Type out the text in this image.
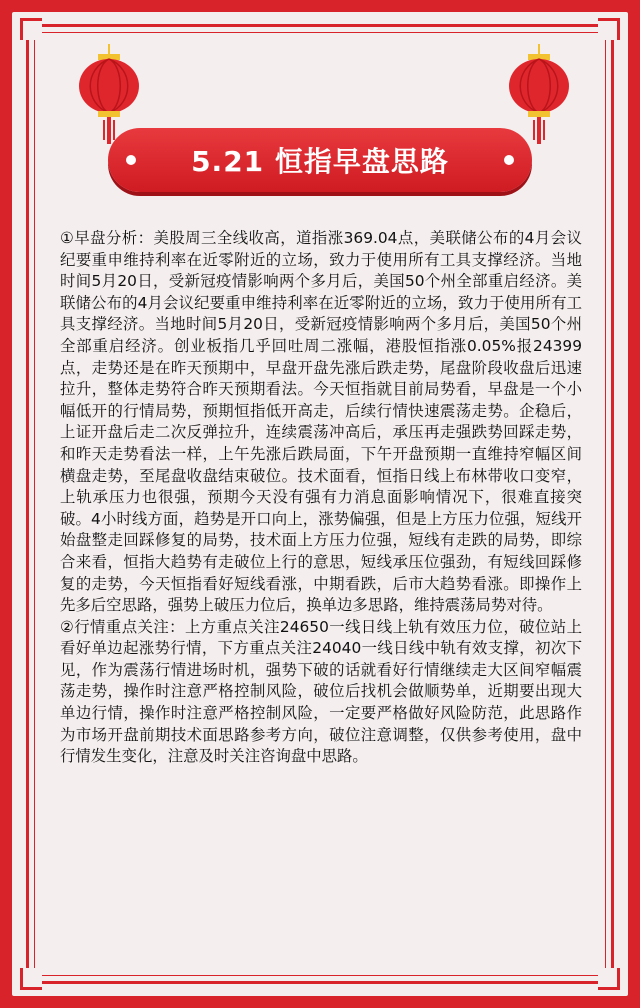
5.21 恒指早盘思路

①早盘分析：美股周三全线收高，道指涨369.04点，美联储公布的4月会议纪要重申维持利率在近零附近的立场，致力于使用所有工具支撑经济。当地时间5月20日，受新冠疫情影响两个多月后，美国50个州全部重启经济。美联储公布的4月会议纪要重申维持利率在近零附近的立场，致力于使用所有工具支撑经济。当地时间5月20日，受新冠疫情影响两个多月后，美国50个州全部重启经济。创业板指几乎回吐周二涨幅，港股恒指涨0.05%报24399点，走势还是在昨天预期中，早盘开盘先涨后跌走势，尾盘阶段收盘后迅速拉升，整体走势符合昨天预期看法。今天恒指就目前局势看，早盘是一个小幅低开的行情局势，预期恒指低开高走，后续行情快速震荡走势。企稳后，上证开盘后走二次反弹拉升，连续震荡冲高后，承压再走强跌势回踩走势，和昨天走势看法一样，上午先涨后跌局面，下午开盘预期一直维持窄幅区间横盘走势，至尾盘收盘结束破位。技术面看，恒指日线上布林带收口变窄，上轨承压力也很强，预期今天没有强有力消息面影响情况下，很难直接突破。4小时线方面，趋势是开口向上，涨势偏强，但是上方压力位强，短线开始盘整走回踩修复的局势，技术面上方压力位强，短线有走跌的局势，即综合来看，恒指大趋势有走破位上行的意思，短线承压位强劲，有短线回踩修复的走势，今天恒指看好短线看涨，中期看跌，后市大趋势看涨。即操作上先多后空思路，强势上破压力位后，换单边多思路，维持震荡局势对待。

②行情重点关注：上方重点关注24650一线日线上轨有效压力位，破位站上看好单边起涨势行情，下方重点关注24040一线日线中轨有效支撑，初次下见，作为震荡行情进场时机，强势下破的话就看好行情继续走大区间窄幅震荡走势，操作时注意严格控制风险，破位后找机会做顺势单，近期要出现大单边行情，操作时注意严格控制风险，一定要严格做好风险防范，此思路作为市场开盘前期技术面思路参考方向，破位注意调整，仅供参考使用，盘中行情发生变化，注意及时关注咨询盘中思路。
